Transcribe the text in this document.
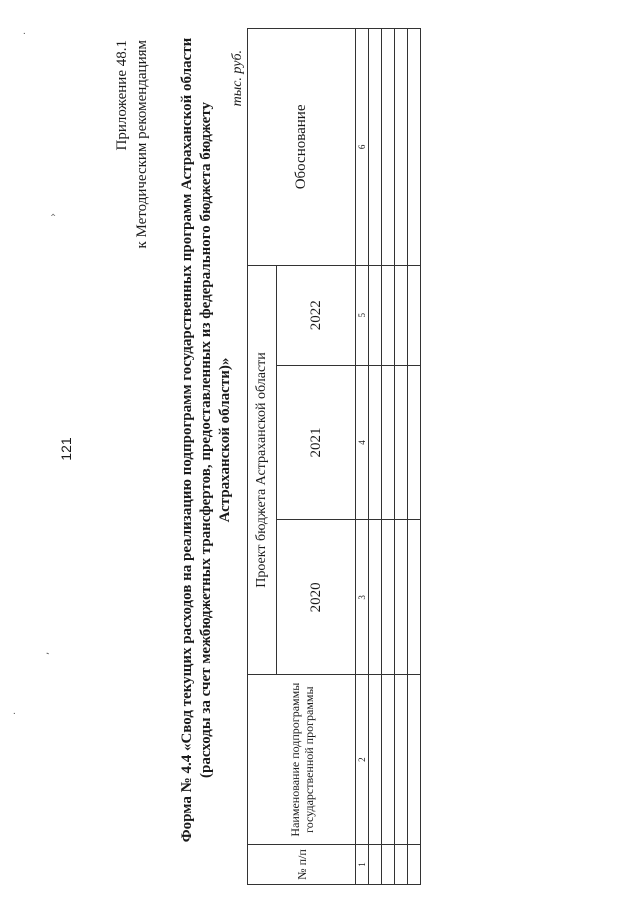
121
Приложение 48.1 к Методическим рекомендациям Форма № 4.4 «Свод текущих расходов на реализацию подпрограмм государственных программ Астраханской области (расходы за счет межбюджетных трансфертов, предоставленных из федерального бюджета бюджету Астраханской области)»
тыс. руб.
№ п/п	Наименование подпрограммы государственной программы	Проект бюджета Астраханской области			Обоснование
		2020	2021	2022	
1	2	3	4	5	6

,
›
·
·
